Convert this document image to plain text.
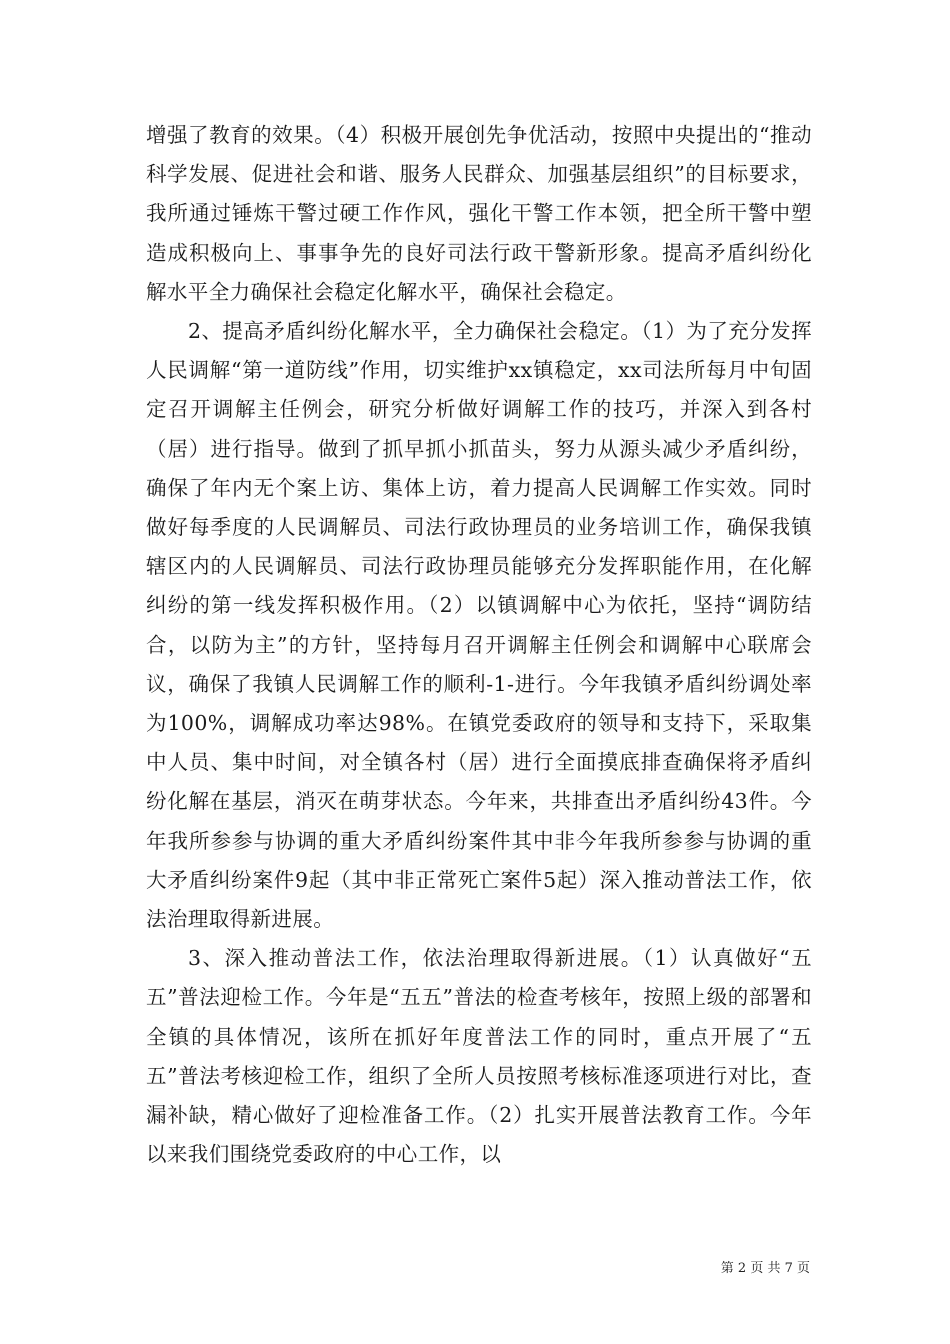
增强了教育的效果。（4）积极开展创先争优活动，按照中央提出的“推动科学发展、促进社会和谐、服务人民群众、加强基层组织”的目标要求，我所通过锤炼干警过硬工作作风，强化干警工作本领，把全所干警中塑造成积极向上、事事争先的良好司法行政干警新形象。提高矛盾纠纷化解水平全力确保社会稳定化解水平，确保社会稳定。

2、提高矛盾纠纷化解水平，全力确保社会稳定。（1）为了充分发挥人民调解“第一道防线”作用，切实维护xx镇稳定，xx司法所每月中旬固定召开调解主任例会，研究分析做好调解工作的技巧，并深入到各村（居）进行指导。做到了抓早抓小抓苗头，努力从源头减少矛盾纠纷，确保了年内无个案上访、集体上访，着力提高人民调解工作实效。同时做好每季度的人民调解员、司法行政协理员的业务培训工作，确保我镇辖区内的人民调解员、司法行政协理员能够充分发挥职能作用，在化解纠纷的第一线发挥积极作用。（2）以镇调解中心为依托，坚持“调防结合，以防为主”的方针，坚持每月召开调解主任例会和调解中心联席会议，确保了我镇人民调解工作的顺利-1-进行。今年我镇矛盾纠纷调处率为100%，调解成功率达98%。在镇党委政府的领导和支持下，采取集中人员、集中时间，对全镇各村（居）进行全面摸底排查确保将矛盾纠纷化解在基层，消灭在萌芽状态。今年来，共排查出矛盾纠纷43件。今年我所参参与协调的重大矛盾纠纷案件其中非今年我所参参与协调的重大矛盾纠纷案件9起（其中非正常死亡案件5起）深入推动普法工作，依法治理取得新进展。

3、深入推动普法工作，依法治理取得新进展。（1）认真做好“五五”普法迎检工作。今年是“五五”普法的检查考核年，按照上级的部署和全镇的具体情况，该所在抓好年度普法工作的同时，重点开展了“五五”普法考核迎检工作，组织了全所人员按照考核标准逐项进行对比，查漏补缺，精心做好了迎检准备工作。（2）扎实开展普法教育工作。今年以来我们围绕党委政府的中心工作，以

第 2 页 共 7 页
